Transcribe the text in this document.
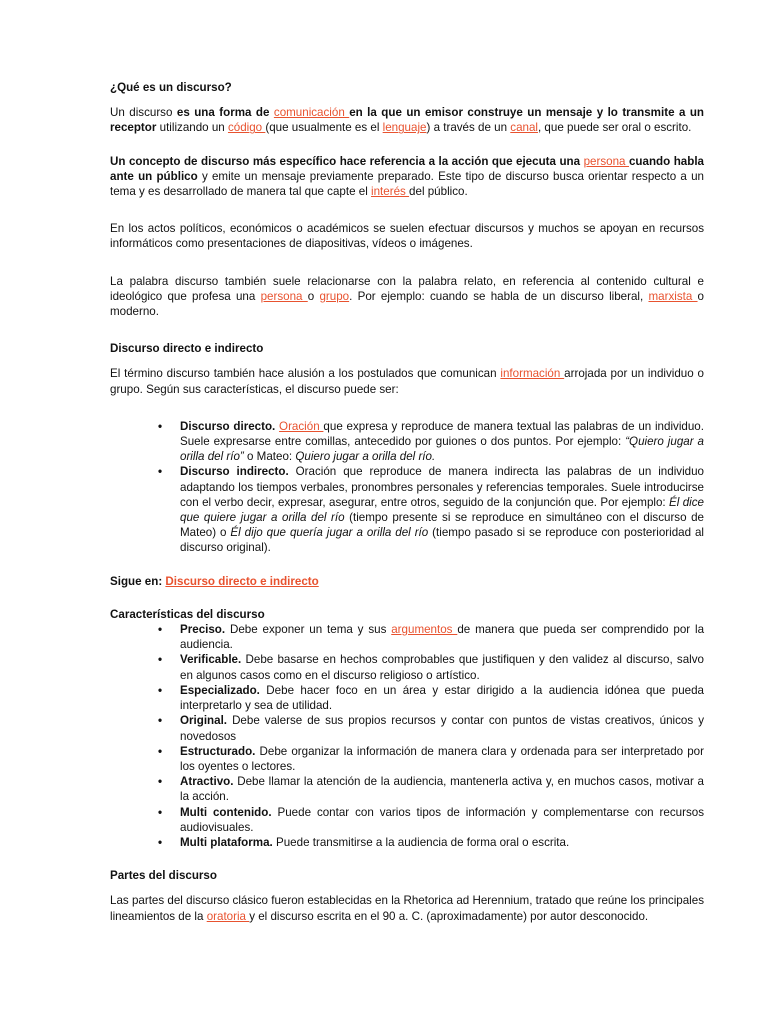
¿Qué es un discurso?

Un discurso es una forma de comunicación en la que un emisor construye un mensaje y lo transmite a un receptor utilizando un código (que usualmente es el lenguaje) a través de un canal, que puede ser oral o escrito.

Un concepto de discurso más específico hace referencia a la acción que ejecuta una persona cuando habla ante un público y emite un mensaje previamente preparado. Este tipo de discurso busca orientar respecto a un tema y es desarrollado de manera tal que capte el interés del público.

En los actos políticos, económicos o académicos se suelen efectuar discursos y muchos se apoyan en recursos informáticos como presentaciones de diapositivas, vídeos o imágenes.

La palabra discurso también suele relacionarse con la palabra relato, en referencia al contenido cultural e ideológico que profesa una persona o grupo. Por ejemplo: cuando se habla de un discurso liberal, marxista o moderno.

Discurso directo e indirecto

El término discurso también hace alusión a los postulados que comunican información arrojada por un individuo o grupo. Según sus características, el discurso puede ser:

• Discurso directo. Oración que expresa y reproduce de manera textual las palabras de un individuo. Suele expresarse entre comillas, antecedido por guiones o dos puntos. Por ejemplo: “Quiero jugar a orilla del río” o Mateo: Quiero jugar a orilla del río.
• Discurso indirecto. Oración que reproduce de manera indirecta las palabras de un individuo adaptando los tiempos verbales, pronombres personales y referencias temporales. Suele introducirse con el verbo decir, expresar, asegurar, entre otros, seguido de la conjunción que. Por ejemplo: Él dice que quiere jugar a orilla del río (tiempo presente si se reproduce en simultáneo con el discurso de Mateo) o Él dijo que quería jugar a orilla del río (tiempo pasado si se reproduce con posterioridad al discurso original).

Sigue en: Discurso directo e indirecto

Características del discurso
• Preciso. Debe exponer un tema y sus argumentos de manera que pueda ser comprendido por la audiencia.
• Verificable. Debe basarse en hechos comprobables que justifiquen y den validez al discurso, salvo en algunos casos como en el discurso religioso o artístico.
• Especializado. Debe hacer foco en un área y estar dirigido a la audiencia idónea que pueda interpretarlo y sea de utilidad.
• Original. Debe valerse de sus propios recursos y contar con puntos de vistas creativos, únicos y novedosos
• Estructurado. Debe organizar la información de manera clara y ordenada para ser interpretado por los oyentes o lectores.
• Atractivo. Debe llamar la atención de la audiencia, mantenerla activa y, en muchos casos, motivar a la acción.
• Multi contenido. Puede contar con varios tipos de información y complementarse con recursos audiovisuales.
• Multi plataforma. Puede transmitirse a la audiencia de forma oral o escrita.
Partes del discurso

Las partes del discurso clásico fueron establecidas en la Rhetorica ad Herennium, tratado que reúne los principales lineamientos de la oratoria y el discurso escrita en el 90 a. C. (aproximadamente) por autor desconocido.
